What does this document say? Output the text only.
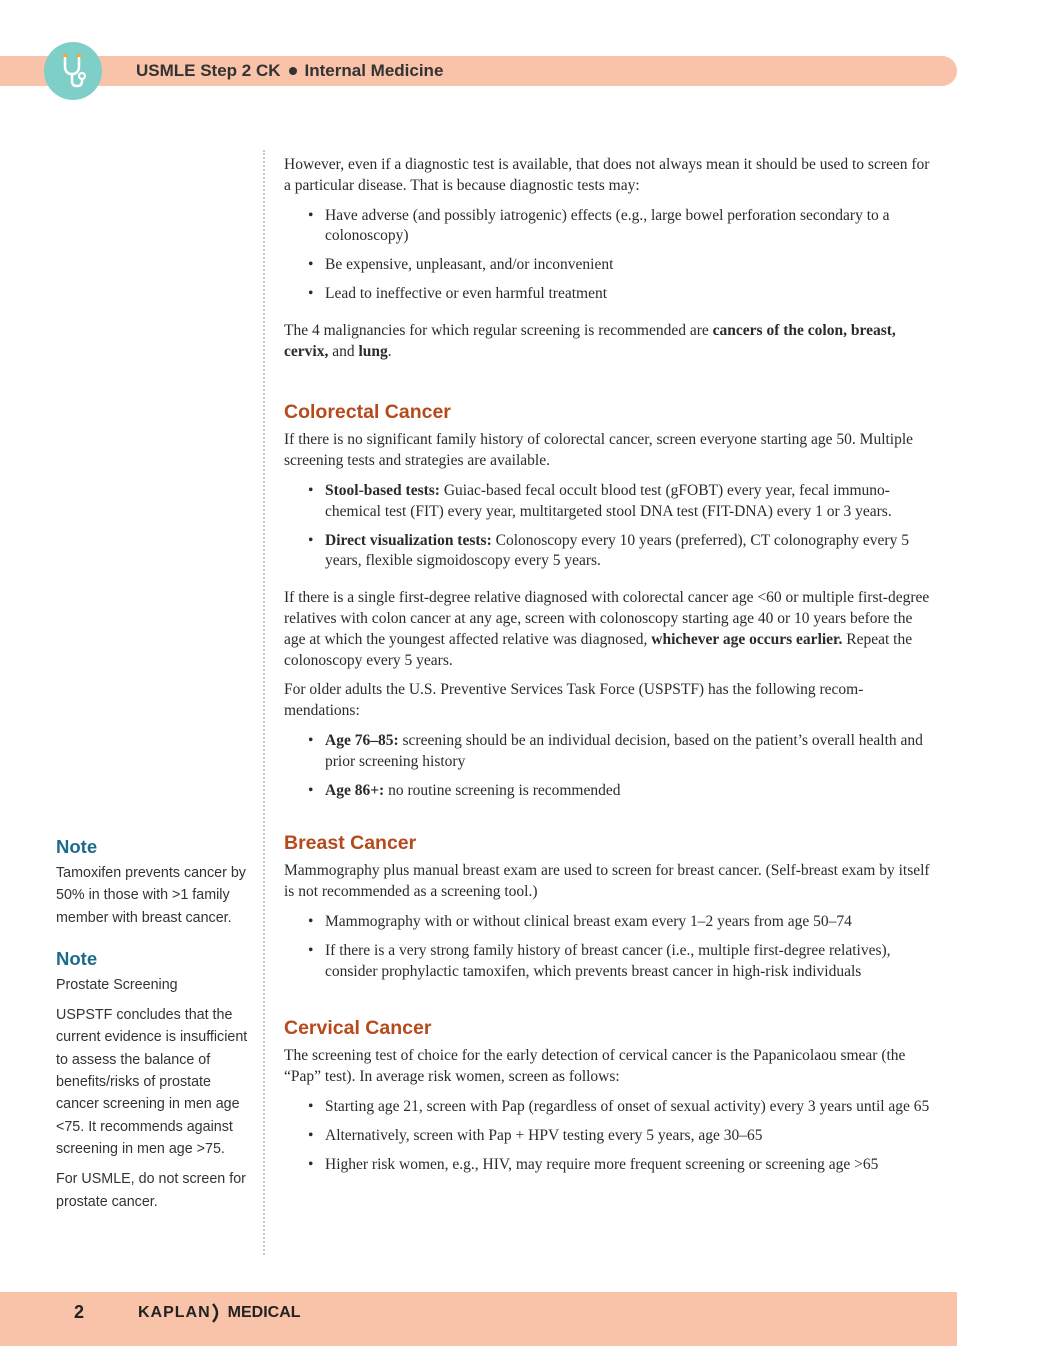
USMLE Step 2 CK Internal Medicine

However, even if a diagnostic test is available, that does not always mean it should be used to screen for a particular disease. That is because diagnostic tests may:

• Have adverse (and possibly iatrogenic) effects (e.g., large bowel perforation secondary to a colonoscopy)
• Be expensive, unpleasant, and/or inconvenient
• Lead to ineffective or even harmful treatment

The 4 malignancies for which regular screening is recommended are cancers of the colon, breast, cervix, and lung.

Colorectal Cancer

If there is no significant family history of colorectal cancer, screen everyone starting age 50. Multiple screening tests and strategies are available.

• Stool-based tests: Guiac-based fecal occult blood test (gFOBT) every year, fecal immuno-chemical test (FIT) every year, multitargeted stool DNA test (FIT-DNA) every 1 or 3 years.
• Direct visualization tests: Colonoscopy every 10 years (preferred), CT colonography every 5 years, flexible sigmoidoscopy every 5 years.

If there is a single first-degree relative diagnosed with colorectal cancer age <60 or multiple first-degree relatives with colon cancer at any age, screen with colonoscopy starting age 40 or 10 years before the age at which the youngest affected relative was diagnosed, whichever age occurs earlier. Repeat the colonoscopy every 5 years.

For older adults the U.S. Preventive Services Task Force (USPSTF) has the following recom-mendations:

• Age 76–85: screening should be an individual decision, based on the patient’s overall health and prior screening history
• Age 86+: no routine screening is recommended
Breast Cancer

Mammography plus manual breast exam are used to screen for breast cancer. (Self-breast exam by itself is not recommended as a screening tool.)

• Mammography with or without clinical breast exam every 1–2 years from age 50–74
• If there is a very strong family history of breast cancer (i.e., multiple first-degree relatives), consider prophylactic tamoxifen, which prevents breast cancer in high-risk individuals
Cervical Cancer

The screening test of choice for the early detection of cervical cancer is the Papanicolaou smear (the “Pap” test). In average risk women, screen as follows:

• Starting age 21, screen with Pap (regardless of onset of sexual activity) every 3 years until age 65
• Alternatively, screen with Pap + HPV testing every 5 years, age 30–65
• Higher risk women, e.g., HIV, may require more frequent screening or screening age >65
Note

Tamoxifen prevents cancer by 50% in those with >1 family member with breast cancer.

Note

Prostate Screening

USPSTF concludes that the current evidence is insufficient to assess the balance of benefits/risks of prostate cancer screening in men age <75. It recommends against screening in men age >75.

For USMLE, do not screen for prostate cancer.

2	KAPLAN MEDICAL
